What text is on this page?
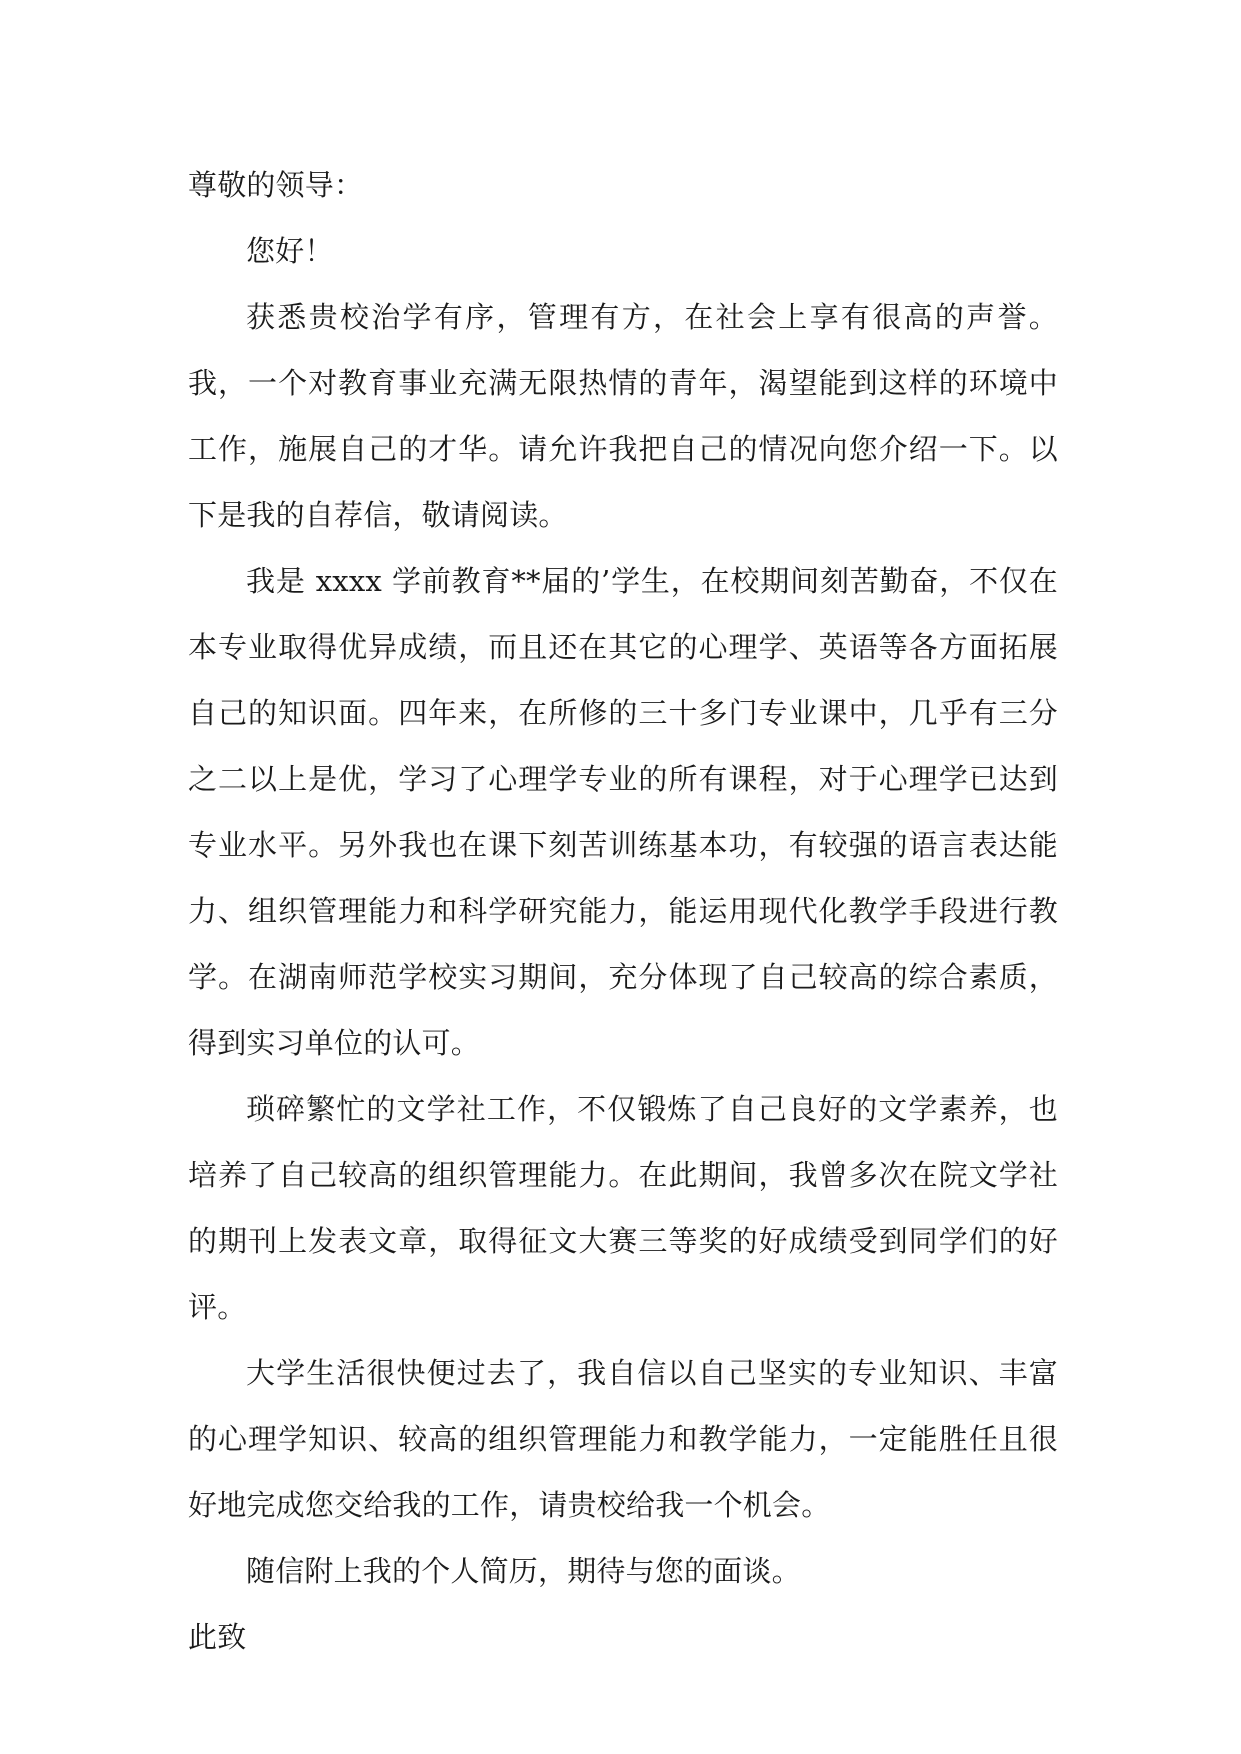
尊敬的领导：

您好！

获悉贵校治学有序，管理有方，在社会上享有很高的声誉。我，一个对教育事业充满无限热情的青年，渴望能到这样的环境中工作，施展自己的才华。请允许我把自己的情况向您介绍一下。以下是我的自荐信，敬请阅读。

我是 xxxx 学前教育**届的’学生，在校期间刻苦勤奋，不仅在本专业取得优异成绩，而且还在其它的心理学、英语等各方面拓展自己的知识面。四年来，在所修的三十多门专业课中，几乎有三分之二以上是优，学习了心理学专业的所有课程，对于心理学已达到专业水平。另外我也在课下刻苦训练基本功，有较强的语言表达能力、组织管理能力和科学研究能力，能运用现代化教学手段进行教学。在湖南师范学校实习期间，充分体现了自己较高的综合素质，得到实习单位的认可。

琐碎繁忙的文学社工作，不仅锻炼了自己良好的文学素养，也培养了自己较高的组织管理能力。在此期间，我曾多次在院文学社的期刊上发表文章，取得征文大赛三等奖的好成绩受到同学们的好评。

大学生活很快便过去了，我自信以自己坚实的专业知识、丰富的心理学知识、较高的组织管理能力和教学能力，一定能胜任且很好地完成您交给我的工作，请贵校给我一个机会。

随信附上我的个人简历，期待与您的面谈。

此致
